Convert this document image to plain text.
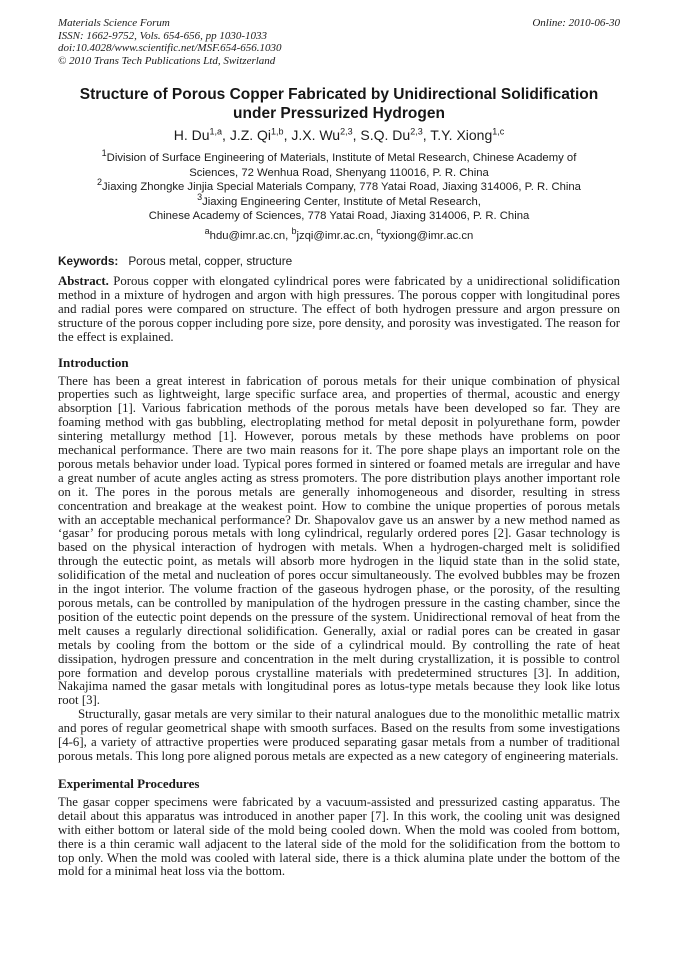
Materials Science Forum
ISSN: 1662-9752, Vols. 654-656, pp 1030-1033
doi:10.4028/www.scientific.net/MSF.654-656.1030
© 2010 Trans Tech Publications Ltd, Switzerland
Online: 2010-06-30
Structure of Porous Copper Fabricated by Unidirectional Solidification
under Pressurized Hydrogen
H. Du$^{1,a}$, J.Z. Qi$^{1,b}$, J.X. Wu$^{2,3}$, S.Q. Du$^{2,3}$, T.Y. Xiong$^{1,c}$
$^1$Division of Surface Engineering of Materials, Institute of Metal Research, Chinese Academy of
Sciences, 72 Wenhua Road, Shenyang 110016, P. R. China
$^2$Jiaxing Zhongke Jinjia Special Materials Company, 778 Yatai Road, Jiaxing 314006, P. R. China
$^3$Jiaxing Engineering Center, Institute of Metal Research,
Chinese Academy of Sciences, 778 Yatai Road, Jiaxing 314006, P. R. China
$^a$hdu@imr.ac.cn, $^b$jzqi@imr.ac.cn, $^c$tyxiong@imr.ac.cn
Keywords: Porous metal, copper, structure

Abstract. Porous copper with elongated cylindrical pores were fabricated by a unidirectional solidification method in a mixture of hydrogen and argon with high pressures. The porous copper with longitudinal pores and radial pores were compared on structure. The effect of both hydrogen pressure and argon pressure on structure of the porous copper including pore size, pore density, and porosity was investigated. The reason for the effect is explained.

Introduction

There has been a great interest in fabrication of porous metals for their unique combination of physical properties such as lightweight, large specific surface area, and properties of thermal, acoustic and energy absorption [1]. Various fabrication methods of the porous metals have been developed so far. They are foaming method with gas bubbling, electroplating method for metal deposit in polyurethane form, powder sintering metallurgy method [1]. However, porous metals by these methods have problems on poor mechanical performance. There are two main reasons for it. The pore shape plays an important role on the porous metals behavior under load. Typical pores formed in sintered or foamed metals are irregular and have a great number of acute angles acting as stress promoters. The pore distribution plays another important role on it. The pores in the porous metals are generally inhomogeneous and disorder, resulting in stress concentration and breakage at the weakest point. How to combine the unique properties of porous metals with an acceptable mechanical performance? Dr. Shapovalov gave us an answer by a new method named as ‘gasar’ for producing porous metals with long cylindrical, regularly ordered pores [2]. Gasar technology is based on the physical interaction of hydrogen with metals. When a hydrogen-charged melt is solidified through the eutectic point, as metals will absorb more hydrogen in the liquid state than in the solid state, solidification of the metal and nucleation of pores occur simultaneously. The evolved bubbles may be frozen in the ingot interior. The volume fraction of the gaseous hydrogen phase, or the porosity, of the resulting porous metals, can be controlled by manipulation of the hydrogen pressure in the casting chamber, since the position of the eutectic point depends on the pressure of the system. Unidirectional removal of heat from the melt causes a regularly directional solidification. Generally, axial or radial pores can be created in gasar metals by cooling from the bottom or the side of a cylindrical mould. By controlling the rate of heat dissipation, hydrogen pressure and concentration in the melt during crystallization, it is possible to control pore formation and develop porous crystalline materials with predetermined structures [3]. In addition, Nakajima named the gasar metals with longitudinal pores as lotus-type metals because they look like lotus root [3].

Structurally, gasar metals are very similar to their natural analogues due to the monolithic metallic matrix and pores of regular geometrical shape with smooth surfaces. Based on the results from some investigations [4-6], a variety of attractive properties were produced separating gasar metals from a number of traditional porous metals. This long pore aligned porous metals are expected as a new category of engineering materials.

Experimental Procedures

The gasar copper specimens were fabricated by a vacuum-assisted and pressurized casting apparatus. The detail about this apparatus was introduced in another paper [7]. In this work, the cooling unit was designed with either bottom or lateral side of the mold being cooled down. When the mold was cooled from bottom, there is a thin ceramic wall adjacent to the lateral side of the mold for the solidification from the bottom to top only. When the mold was cooled with lateral side, there is a thick alumina plate under the bottom of the mold for a minimal heat loss via the bottom.
